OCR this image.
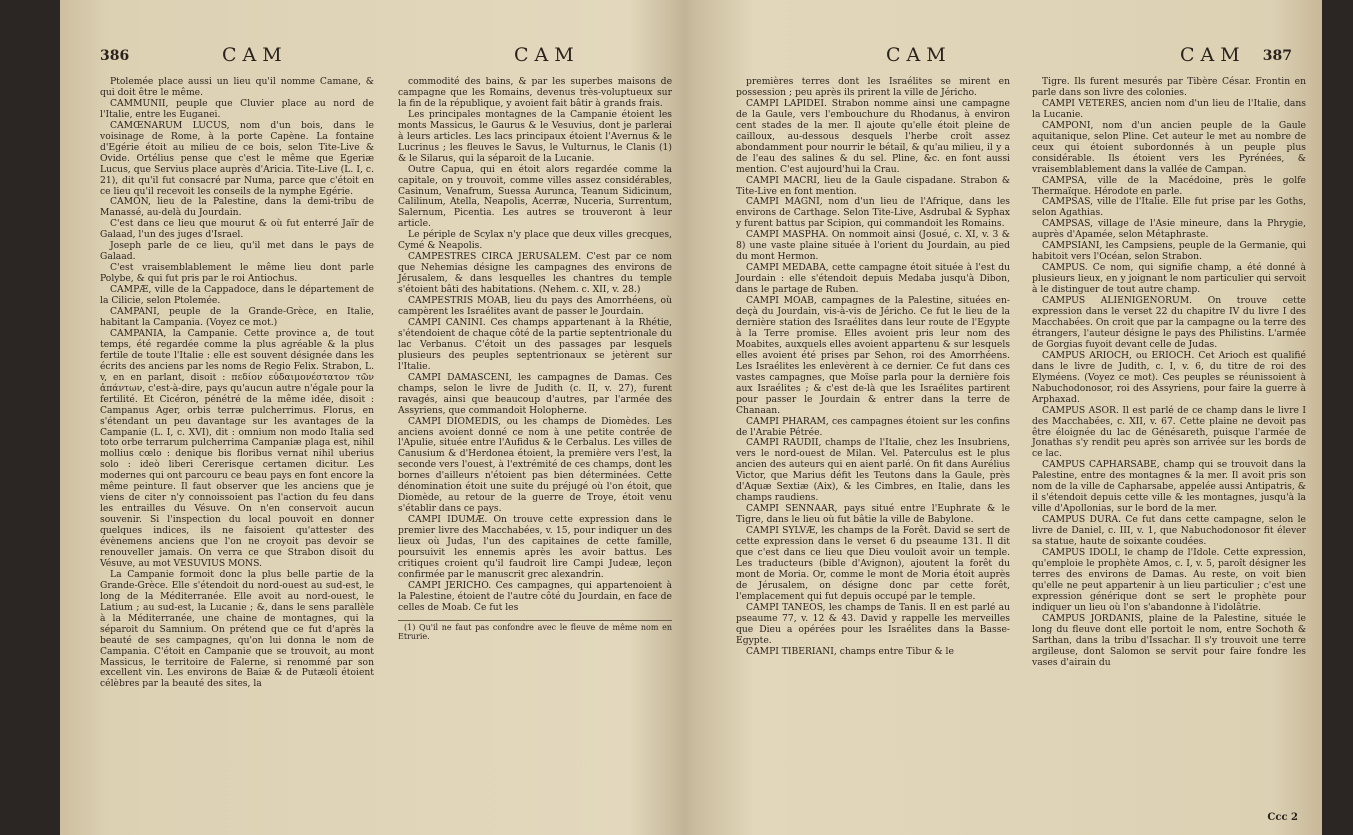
386	CAM	CAM

Ptolemée place aussi un lieu qu'il nomme Camane, & qui doit être le même.

CAMMUNII, peuple que Cluvier place au nord de l'Italie, entre les Euganei.

CAMŒNARUM LUCUS, nom d'un bois, dans le voisinage de Rome, à la porte Capène. La fontaine d'Egérie étoit au milieu de ce bois, selon Tite-Live & Ovide. Ortélius pense que c'est le même que Egeriæ Lucus, que Servius place auprès d'Aricia. Tite-Live (L. I, c. 21), dit qu'il fut consacré par Numa, parce que c'étoit en ce lieu qu'il recevoit les conseils de la nymphe Egérie.

CAMON, lieu de la Palestine, dans la demi-tribu de Manassé, au-delà du Jourdain.

C'est dans ce lieu que mourut & où fut enterré Jaïr de Galaad, l'un des juges d'Israel.

Joseph parle de ce lieu, qu'il met dans le pays de Galaad.

C'est vraisemblablement le même lieu dont parle Polybe, & qui fut pris par le roi Antiochus.

CAMPÆ, ville de la Cappadoce, dans le département de la Cilicie, selon Ptolemée.

CAMPANI, peuple de la Grande-Grèce, en Italie, habitant la Campania. (Voyez ce mot.)

CAMPANIA, la Campanie. Cette province a, de tout temps, été regardée comme la plus agréable & la plus fertile de toute l'Italie : elle est souvent désignée dans les écrits des anciens par les noms de Regio Felix. Strabon, L. v, en en parlant, disoit : πεδίον εὐδαιμονέστατον τῶν ἁπάντων, c'est-à-dire, pays qu'aucun autre n'égale pour la fertilité. Et Cicéron, pénétré de la même idée, disoit : Campanus Ager, orbis terræ pulcherrimus. Florus, en s'étendant un peu davantage sur les avantages de la Campanie (L. I, c. XVI), dit : omnium non modo Italia sed toto orbe terrarum pulcherrima Campaniæ plaga est, nihil mollius cœlo : denique bis floribus vernat nihil uberius solo : ideò liberi Cererisque certamen dicitur. Les modernes qui ont parcouru ce beau pays en font encore la même peinture. Il faut observer que les anciens que je viens de citer n'y connoissoient pas l'action du feu dans les entrailles du Vésuve. On n'en conservoit aucun souvenir. Si l'inspection du local pouvoit en donner quelques indices, ils ne faisoient qu'attester des évènemens anciens que l'on ne croyoit pas devoir se renouveller jamais. On verra ce que Strabon disoit du Vésuve, au mot VESUVIUS MONS.

La Campanie formoit donc la plus belle partie de la Grande-Grèce. Elle s'étendoit du nord-ouest au sud-est, le long de la Méditerranée. Elle avoit au nord-ouest, le Latium ; au sud-est, la Lucanie ; &, dans le sens parallèle à la Méditerranée, une chaine de montagnes, qui la séparoit du Samnium. On prétend que ce fut d'après la beauté de ses campagnes, qu'on lui donna le nom de Campania. C'étoit en Campanie que se trouvoit, au mont Massicus, le territoire de Falerne, si renommé par son excellent vin. Les environs de Baiæ & de Putæoli étoient célèbres par la beauté des sites, la

commodité des bains, & par les superbes maisons de campagne que les Romains, devenus très-voluptueux sur la fin de la république, y avoient fait bâtir à grands frais.

Les principales montagnes de la Campanie étoient les monts Massicus, le Gaurus & le Vesuvius, dont je parlerai à leurs articles. Les lacs principaux étoient l'Avernus & le Lucrinus ; les fleuves le Savus, le Vulturnus, le Clanis (1) & le Silarus, qui la séparoit de la Lucanie.

Outre Capua, qui en étoit alors regardée comme la capitale, on y trouvoit, comme villes assez considérables, Casinum, Venafrum, Suessa Aurunca, Teanum Sidicinum, Calilinum, Atella, Neapolis, Acerræ, Nuceria, Surrentum, Salernum, Picentia. Les autres se trouveront à leur article.

Le périple de Scylax n'y place que deux villes grecques, Cymé & Neapolis.

CAMPESTRES CIRCA JERUSALEM. C'est par ce nom que Nehemias désigne les campagnes des environs de Jérusalem, & dans lesquelles les chantres du temple s'étoient bâti des habitations. (Nehem. c. XII, v. 28.)

CAMPESTRIS MOAB, lieu du pays des Amorrhéens, où campèrent les Israélites avant de passer le Jourdain.

CAMPI CANINI. Ces champs appartenant à la Rhétie, s'étendoient de chaque côté de la partie septentrionale du lac Verbanus. C'étoit un des passages par lesquels plusieurs des peuples septentrionaux se jetèrent sur l'Italie.

CAMPI DAMASCENI, les campagnes de Damas. Ces champs, selon le livre de Judith (c. II, v. 27), furent ravagés, ainsi que beaucoup d'autres, par l'armée des Assyriens, que commandoit Holopherne.

CAMPI DIOMEDIS, ou les champs de Diomèdes. Les anciens avoient donné ce nom à une petite contrée de l'Apulie, située entre l'Aufidus & le Cerbalus. Les villes de Canusium & d'Herdonea étoient, la première vers l'est, la seconde vers l'ouest, à l'extrémité de ces champs, dont les bornes d'ailleurs n'étoient pas bien déterminées. Cette dénomination étoit une suite du préjugé où l'on étoit, que Diomède, au retour de la guerre de Troye, étoit venu s'établir dans ce pays.

CAMPI IDUMÆ. On trouve cette expression dans le premier livre des Macchabées, v. 15, pour indiquer un des lieux où Judas, l'un des capitaines de cette famille, poursuivit les ennemis après les avoir battus. Les critiques croient qu'il faudroit lire Campi Judeæ, leçon confirmée par le manuscrit grec alexandrin.

CAMPI JERICHO. Ces campagnes, qui appartenoient à la Palestine, étoient de l'autre côté du Jourdain, en face de celles de Moab. Ce fut les

(1) Qu'il ne faut pas confondre avec le fleuve de même nom en Etrurie.

CAM	CAM 387

premières terres dont les Israélites se mirent en possession ; peu après ils prirent la ville de Jéricho.

CAMPI LAPIDEI. Strabon nomme ainsi une campagne de la Gaule, vers l'embouchure du Rhodanus, à environ cent stades de la mer. Il ajoute qu'elle étoit pleine de cailloux, au-dessous desquels l'herbe croît assez abondamment pour nourrir le bétail, & qu'au milieu, il y a de l'eau des salines & du sel. Pline, &c. en font aussi mention. C'est aujourd'hui la Crau.

CAMPI MACRI, lieu de la Gaule cispadane. Strabon & Tite-Live en font mention.

CAMPI MAGNI, nom d'un lieu de l'Afrique, dans les environs de Carthage. Selon Tite-Live, Asdrubal & Syphax y furent battus par Scipion, qui commandoit les Romains.

CAMPI MASPHA. On nommoit ainsi (Josué, c. XI, v. 3 & 8) une vaste plaine située à l'orient du Jourdain, au pied du mont Hermon.

CAMPI MEDABA, cette campagne étoit située à l'est du Jourdain : elle s'étendoit depuis Medaba jusqu'à Dibon, dans le partage de Ruben.

CAMPI MOAB, campagnes de la Palestine, situées en-deçà du Jourdain, vis-à-vis de Jéricho. Ce fut le lieu de la dernière station des Israélites dans leur route de l'Egypte à la Terre promise. Elles avoient pris leur nom des Moabites, auxquels elles avoient appartenu & sur lesquels elles avoient été prises par Sehon, roi des Amorrhéens. Les Israélites les enlevèrent à ce dernier. Ce fut dans ces vastes campagnes, que Moïse parla pour la dernière fois aux Israélites ; & c'est de-là que les Israélites partirent pour passer le Jourdain & entrer dans la terre de Chanaan.

CAMPI PHARAM, ces campagnes étoient sur les confins de l'Arabie Pétrée.

CAMPI RAUDII, champs de l'Italie, chez les Insubriens, vers le nord-ouest de Milan. Vel. Paterculus est le plus ancien des auteurs qui en aient parlé. On fit dans Aurélius Victor, que Marius défit les Teutons dans la Gaule, près d'Aquæ Sextiæ (Aix), & les Cimbres, en Italie, dans les champs raudiens.

CAMPI SENNAAR, pays situé entre l'Euphrate & le Tigre, dans le lieu où fut bâtie la ville de Babylone.

CAMPI SYLVÆ, les champs de la Forêt. David se sert de cette expression dans le verset 6 du pseaume 131. Il dit que c'est dans ce lieu que Dieu vouloit avoir un temple. Les traducteurs (bible d'Avignon), ajoutent la forêt du mont de Moria. Or, comme le mont de Moria étoit auprès de Jérusalem, on désigne donc par cette forêt, l'emplacement qui fut depuis occupé par le temple.

CAMPI TANEOS, les champs de Tanis. Il en est parlé au pseaume 77, v. 12 & 43. David y rappelle les merveilles que Dieu a opérées pour les Israélites dans la Basse-Egypte.

CAMPI TIBERIANI, champs entre Tibur & le

Tigre. Ils furent mesurés par Tibère César. Frontin en parle dans son livre des colonies.

CAMPI VETERES, ancien nom d'un lieu de l'Italie, dans la Lucanie.

CAMPONI, nom d'un ancien peuple de la Gaule aquitanique, selon Pline. Cet auteur le met au nombre de ceux qui étoient subordonnés à un peuple plus considérable. Ils étoient vers les Pyrénées, & vraisemblablement dans la vallée de Campan.

CAMPSA, ville de la Macédoine, près le golfe Thermaïque. Hérodote en parle.

CAMPSAS, ville de l'Italie. Elle fut prise par les Goths, selon Agathias.

CAMPSAS, village de l'Asie mineure, dans la Phrygie, auprès d'Apamée, selon Métaphraste.

CAMPSIANI, les Campsiens, peuple de la Germanie, qui habitoit vers l'Océan, selon Strabon.

CAMPUS. Ce nom, qui signifie champ, a été donné à plusieurs lieux, en y joignant le nom particulier qui servoit à le distinguer de tout autre champ.

CAMPUS ALIENIGENORUM. On trouve cette expression dans le verset 22 du chapitre IV du livre I des Macchabées. On croit que par la campagne ou la terre des étrangers, l'auteur désigne le pays des Philistins. L'armée de Gorgias fuyoit devant celle de Judas.

CAMPUS ARIOCH, ou ERIOCH. Cet Arioch est qualifié dans le livre de Judith, c. I, v. 6, du titre de roi des Elyméens. (Voyez ce mot). Ces peuples se réunissoient à Nabuchodonosor, roi des Assyriens, pour faire la guerre à Arphaxad.

CAMPUS ASOR. Il est parlé de ce champ dans le livre I des Macchabées, c. XII, v. 67. Cette plaine ne devoit pas être éloignée du lac de Génésareth, puisque l'armée de Jonathas s'y rendit peu après son arrivée sur les bords de ce lac.

CAMPUS CAPHARSABE, champ qui se trouvoit dans la Palestine, entre des montagnes & la mer. Il avoit pris son nom de la ville de Capharsabe, appelée aussi Antipatris, & il s'étendoit depuis cette ville & les montagnes, jusqu'à la ville d'Apollonias, sur le bord de la mer.

CAMPUS DURA. Ce fut dans cette campagne, selon le livre de Daniel, c. III, v. 1, que Nabuchodonosor fit élever sa statue, haute de soixante coudées.

CAMPUS IDOLI, le champ de l'Idole. Cette expression, qu'emploie le prophète Amos, c. I, v. 5, paroît désigner les terres des environs de Damas. Au reste, on voit bien qu'elle ne peut appartenir à un lieu particulier ; c'est une expression générique dont se sert le prophète pour indiquer un lieu où l'on s'abandonne à l'idolâtrie.

CAMPUS JORDANIS, plaine de la Palestine, située le long du fleuve dont elle portoit le nom, entre Sochoth & Sarthan, dans la tribu d'Issachar. Il s'y trouvoit une terre argileuse, dont Salomon se servit pour faire fondre les vases d'airain du

Ccc 2
